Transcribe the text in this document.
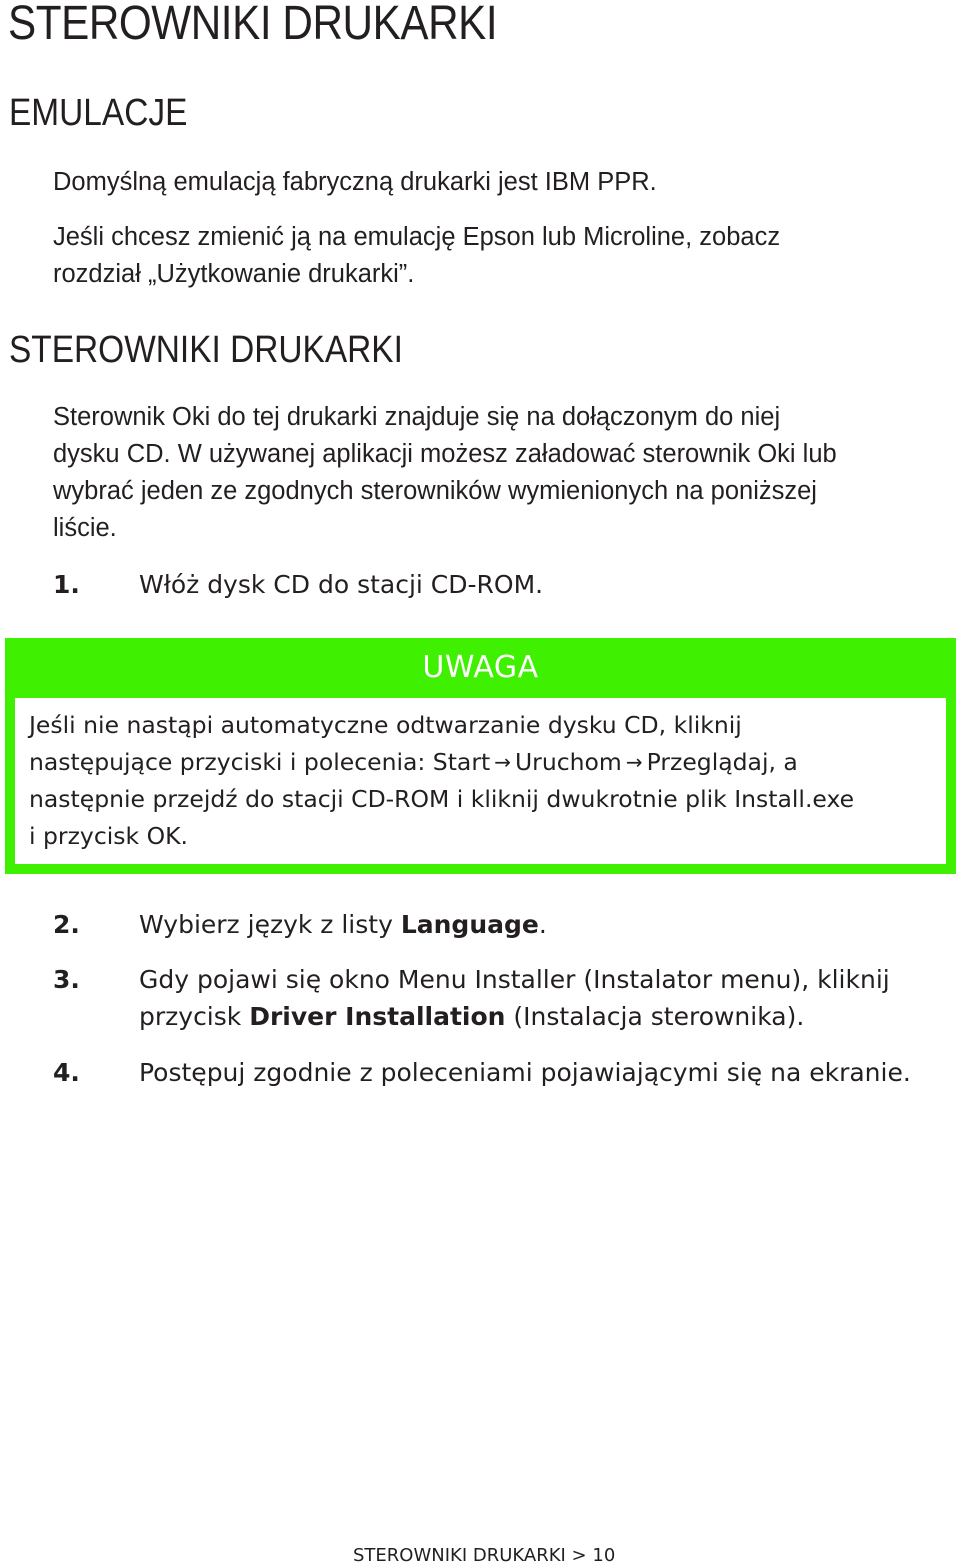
STEROWNIKI DRUKARKI
EMULACJE

Domyślną emulacją fabryczną drukarki jest IBM PPR.

Jeśli chcesz zmienić ją na emulację Epson lub Microline, zobacz
rozdział „Użytkowanie drukarki”.

STEROWNIKI DRUKARKI

Sterownik Oki do tej drukarki znajduje się na dołączonym do niej
dysku CD. W używanej aplikacji możesz załadować sterownik Oki lub
wybrać jeden ze zgodnych sterowników wymienionych na poniższej
liście.

1. Włóż dysk CD do stacji CD-ROM.
UWAGA

Jeśli nie nastąpi automatyczne odtwarzanie dysku CD, kliknij
następujące przyciski i polecenia: Start → Uruchom → Przeglądaj, a
następnie przejdź do stacji CD-ROM i kliknij dwukrotnie plik Install.exe
i przycisk OK.

2. Wybierz język z listy Language.
3. Gdy pojawi się okno Menu Installer (Instalator menu), kliknij
przycisk Driver Installation (Instalacja sterownika).
4. Postępuj zgodnie z poleceniami pojawiającymi się na ekranie.

STEROWNIKI DRUKARKI > 10
